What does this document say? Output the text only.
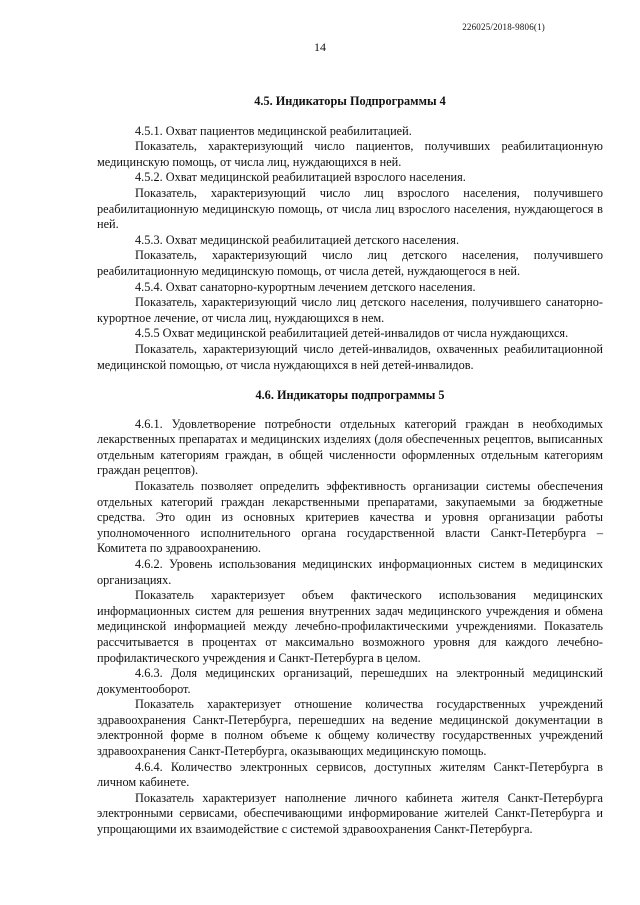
226025/2018-9806(1)
14
4.5. Индикаторы Подпрограммы 4

4.5.1. Охват пациентов медицинской реабилитацией.

Показатель, характеризующий число пациентов, получивших реабилитационную медицинскую помощь, от числа лиц, нуждающихся в ней.

4.5.2. Охват медицинской реабилитацией взрослого населения.

Показатель, характеризующий число лиц взрослого населения, получившего реабилитационную медицинскую помощь, от числа лиц взрослого населения, нуждающегося в ней.

4.5.3. Охват медицинской реабилитацией детского населения.

Показатель, характеризующий число лиц детского населения, получившего реабилитационную медицинскую помощь, от числа детей, нуждающегося в ней.

4.5.4. Охват санаторно-курортным лечением детского населения.

Показатель, характеризующий число лиц детского населения, получившего санаторно-курортное лечение, от числа лиц, нуждающихся в нем.

4.5.5 Охват медицинской реабилитацией детей-инвалидов от числа нуждающихся.

Показатель, характеризующий число детей-инвалидов, охваченных реабилитационной медицинской помощью, от числа нуждающихся в ней детей-инвалидов.

4.6. Индикаторы подпрограммы 5

4.6.1. Удовлетворение потребности отдельных категорий граждан в необходимых лекарственных препаратах и медицинских изделиях (доля обеспеченных рецептов, выписанных отдельным категориям граждан, в общей численности оформленных отдельным категориям граждан рецептов).

Показатель позволяет определить эффективность организации системы обеспечения отдельных категорий граждан лекарственными препаратами, закупаемыми за бюджетные средства. Это один из основных критериев качества и уровня организации работы уполномоченного исполнительного органа государственной власти Санкт-Петербурга – Комитета по здравоохранению.

4.6.2. Уровень использования медицинских информационных систем в медицинских организациях.

Показатель характеризует объем фактического использования медицинских информационных систем для решения внутренних задач медицинского учреждения и обмена медицинской информацией между лечебно-профилактическими учреждениями. Показатель рассчитывается в процентах от максимально возможного уровня для каждого лечебно-профилактического учреждения и Санкт-Петербурга в целом.

4.6.3. Доля медицинских организаций, перешедших на электронный медицинский документооборот.

Показатель характеризует отношение количества государственных учреждений здравоохранения Санкт-Петербурга, перешедших на ведение медицинской документации в электронной форме в полном объеме к общему количеству государственных учреждений здравоохранения Санкт-Петербурга, оказывающих медицинскую помощь.

4.6.4. Количество электронных сервисов, доступных жителям Санкт-Петербурга в личном кабинете.

Показатель характеризует наполнение личного кабинета жителя Санкт-Петербурга электронными сервисами, обеспечивающими информирование жителей Санкт-Петербурга и упрощающими их взаимодействие с системой здравоохранения Санкт-Петербурга.
